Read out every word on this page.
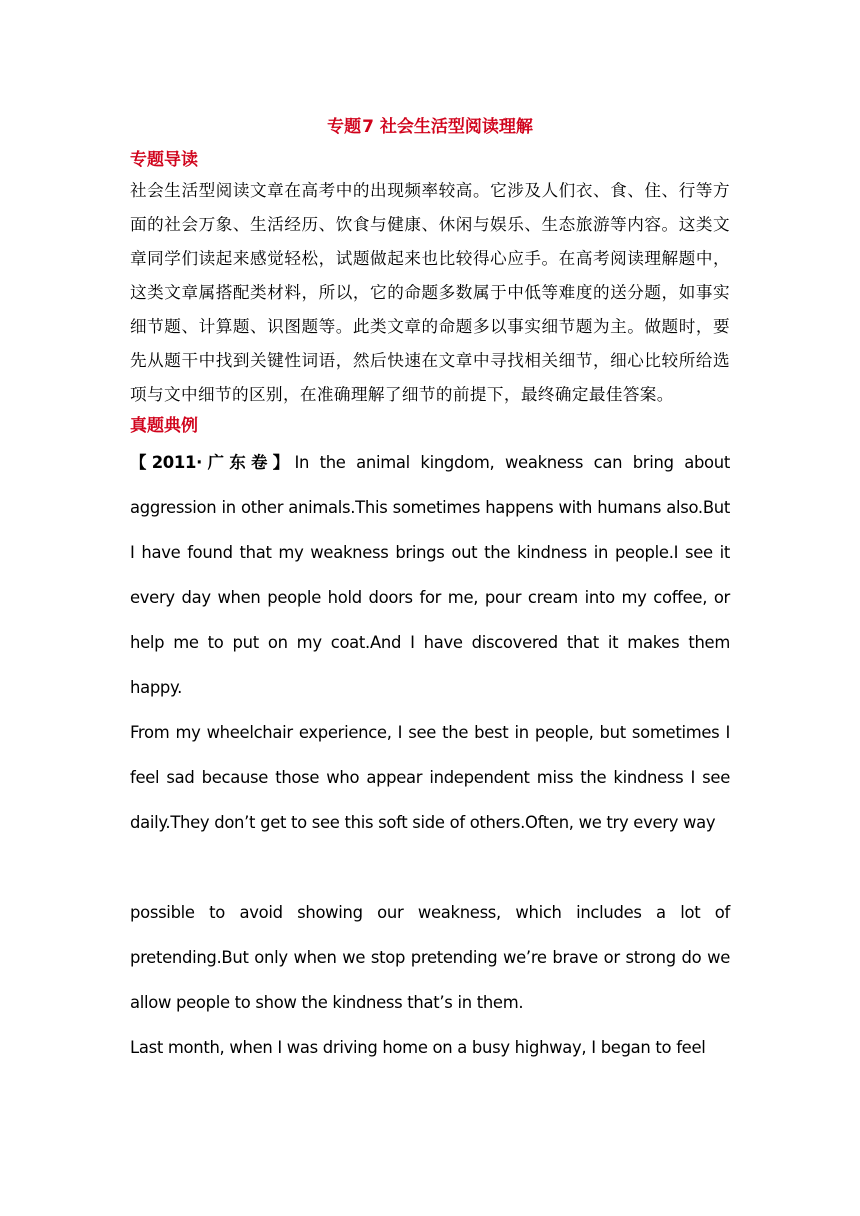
专题7 社会生活型阅读理解
专题导读

社会生活型阅读文章在高考中的出现频率较高。它涉及人们衣、食、住、行等方面的社会万象、生活经历、饮食与健康、休闲与娱乐、生态旅游等内容。这类文章同学们读起来感觉轻松，试题做起来也比较得心应手。在高考阅读理解题中，这类文章属搭配类材料，所以，它的命题多数属于中低等难度的送分题，如事实细节题、计算题、识图题等。此类文章的命题多以事实细节题为主。做题时，要先从题干中找到关键性词语，然后快速在文章中寻找相关细节，细心比较所给选项与文中细节的区别，在准确理解了细节的前提下，最终确定最佳答案。

真题典例

【2011·广东卷】In the animal kingdom, weakness can bring about aggression in other animals.This sometimes happens with humans also.But I have found that my weakness brings out the kindness in people.I see it every day when people hold doors for me, pour cream into my coffee, or help me to put on my coat.And I have discovered that it makes them happy.

From my wheelchair experience, I see the best in people, but sometimes I feel sad because those who appear independent miss the kindness I see daily.They don’t get to see this soft side of others.Often, we try every way

possible to avoid showing our weakness, which includes a lot of

pretending.But only when we stop pretending we’re brave or strong do we allow people to show the kindness that’s in them.

Last month, when I was driving home on a busy highway, I began to feel
